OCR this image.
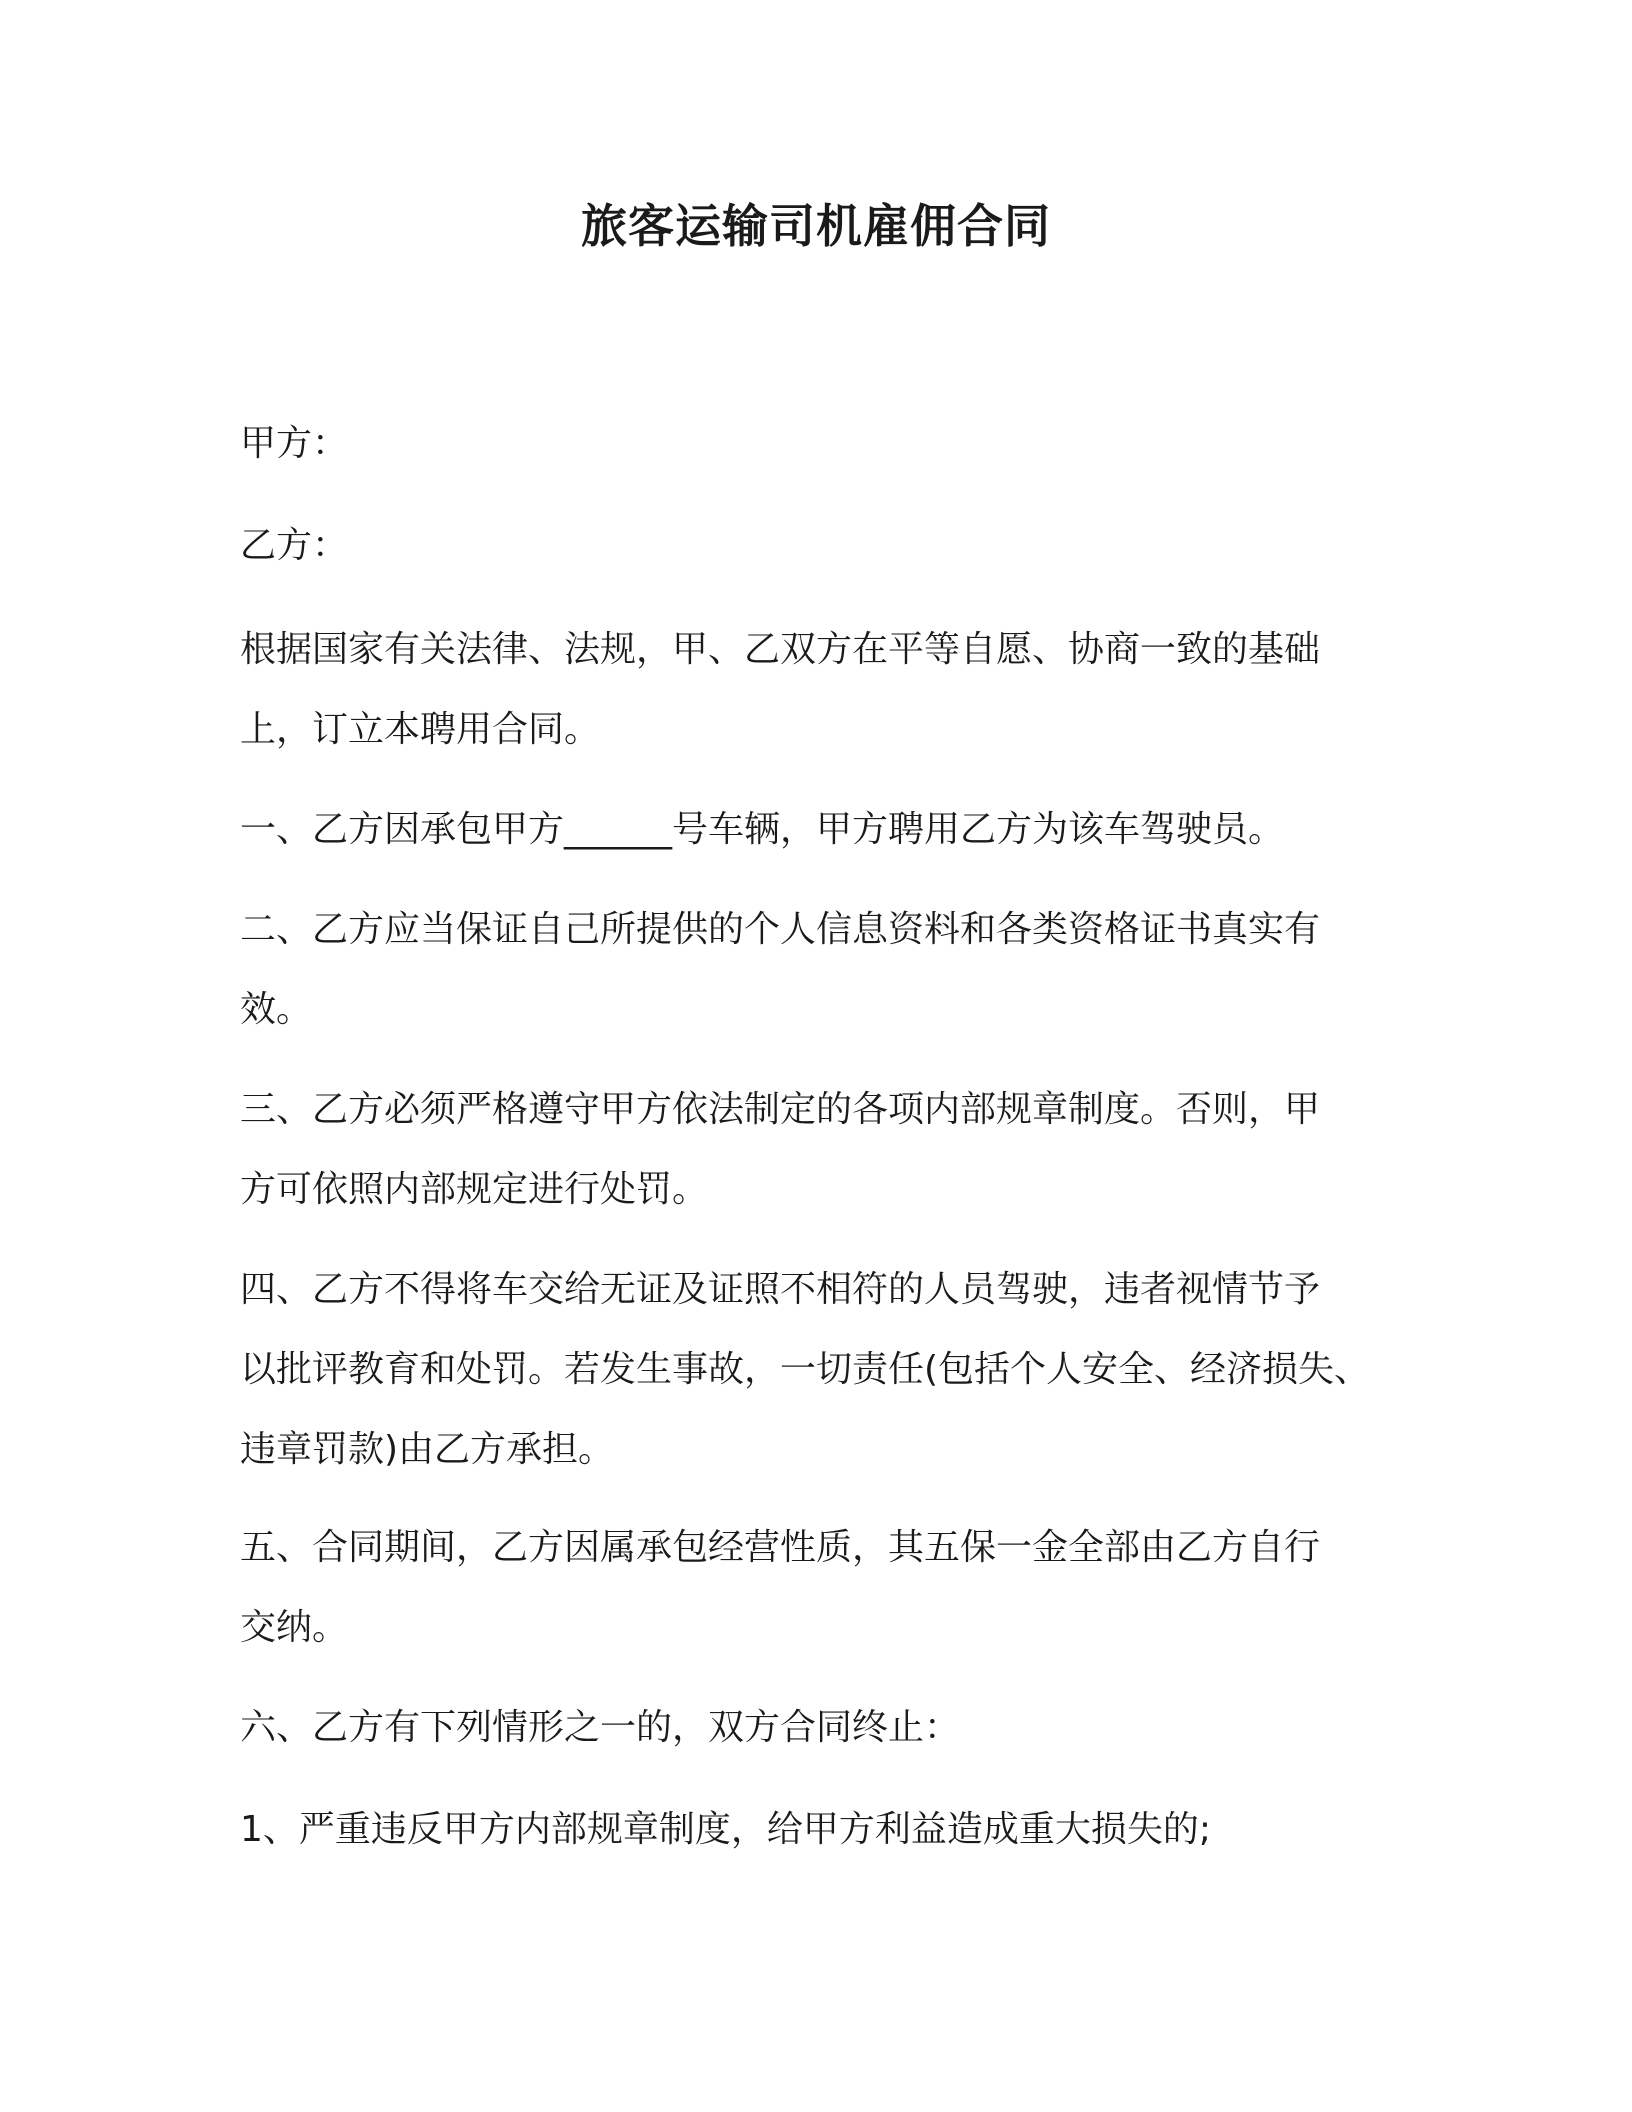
旅客运输司机雇佣合同

甲方：

乙方：

根据国家有关法律、法规，甲、乙双方在平等自愿、协商一致的基础
上，订立本聘用合同。

一、乙方因承包甲方______号车辆，甲方聘用乙方为该车驾驶员。

二、乙方应当保证自己所提供的个人信息资料和各类资格证书真实有
效。

三、乙方必须严格遵守甲方依法制定的各项内部规章制度。否则，甲
方可依照内部规定进行处罚。

四、乙方不得将车交给无证及证照不相符的人员驾驶，违者视情节予
以批评教育和处罚。若发生事故，一切责任(包括个人安全、经济损失、
违章罚款)由乙方承担。

五、合同期间，乙方因属承包经营性质，其五保一金全部由乙方自行
交纳。

六、乙方有下列情形之一的，双方合同终止：

1、严重违反甲方内部规章制度，给甲方利益造成重大损失的;
